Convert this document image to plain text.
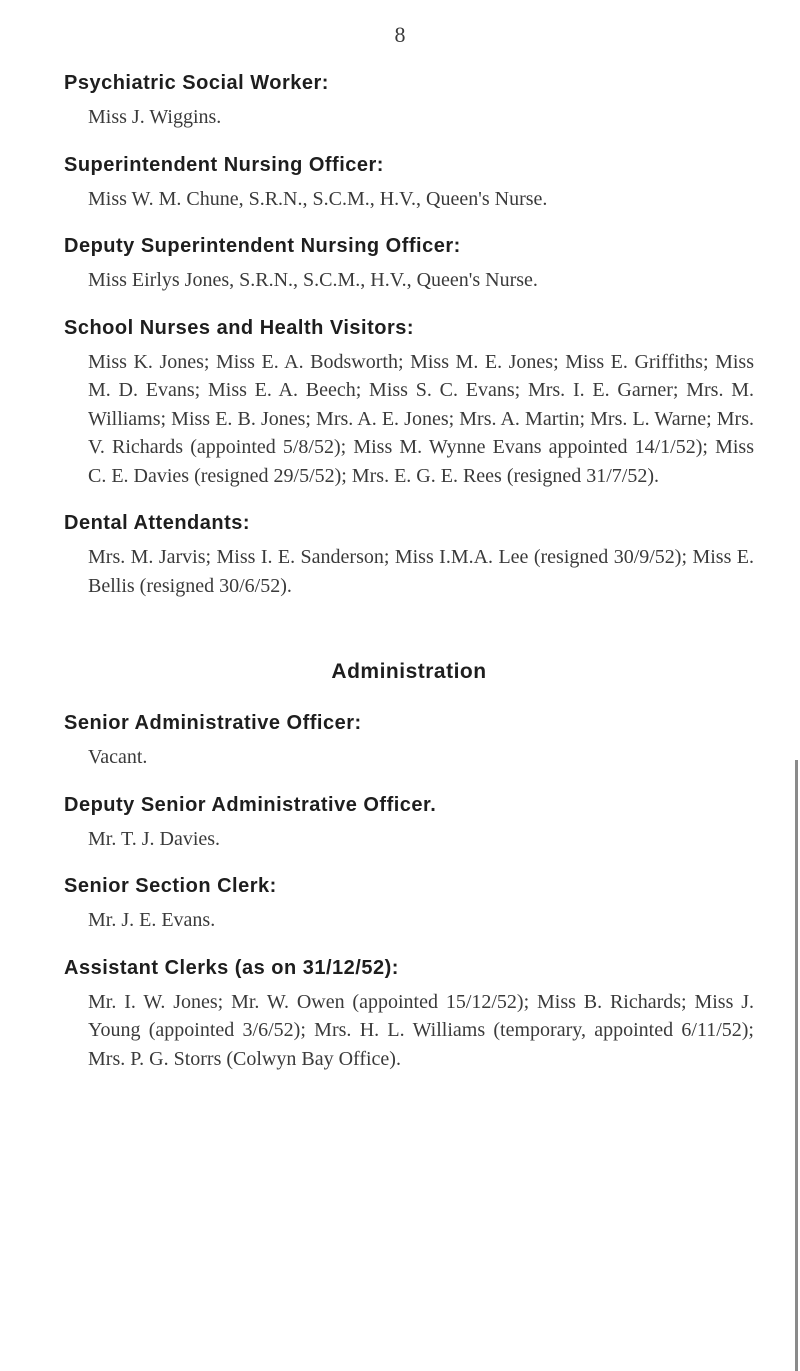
8

Psychiatric Social Worker:

Miss J. Wiggins.

Superintendent Nursing Officer:

Miss W. M. Chune, S.R.N., S.C.M., H.V., Queen's Nurse.

Deputy Superintendent Nursing Officer:

Miss Eirlys Jones, S.R.N., S.C.M., H.V., Queen's Nurse.

School Nurses and Health Visitors:

Miss K. Jones; Miss E. A. Bodsworth; Miss M. E. Jones; Miss E. Griffiths; Miss M. D. Evans; Miss E. A. Beech; Miss S. C. Evans; Mrs. I. E. Garner; Mrs. M. Williams; Miss E. B. Jones; Mrs. A. E. Jones; Mrs. A. Martin; Mrs. L. Warne; Mrs. V. Richards (appointed 5/8/52); Miss M. Wynne Evans appointed 14/1/52); Miss C. E. Davies (resigned 29/5/52); Mrs. E. G. E. Rees (resigned 31/7/52).

Dental Attendants:

Mrs. M. Jarvis; Miss I. E. Sanderson; Miss I.M.A. Lee (resigned 30/9/52); Miss E. Bellis (resigned 30/6/52).

Administration

Senior Administrative Officer:

Vacant.

Deputy Senior Administrative Officer.

Mr. T. J. Davies.

Senior Section Clerk:

Mr. J. E. Evans.

Assistant Clerks (as on 31/12/52):

Mr. I. W. Jones; Mr. W. Owen (appointed 15/12/52); Miss B. Richards; Miss J. Young (appointed 3/6/52); Mrs. H. L. Williams (temporary, appointed 6/11/52); Mrs. P. G. Storrs (Colwyn Bay Office).
